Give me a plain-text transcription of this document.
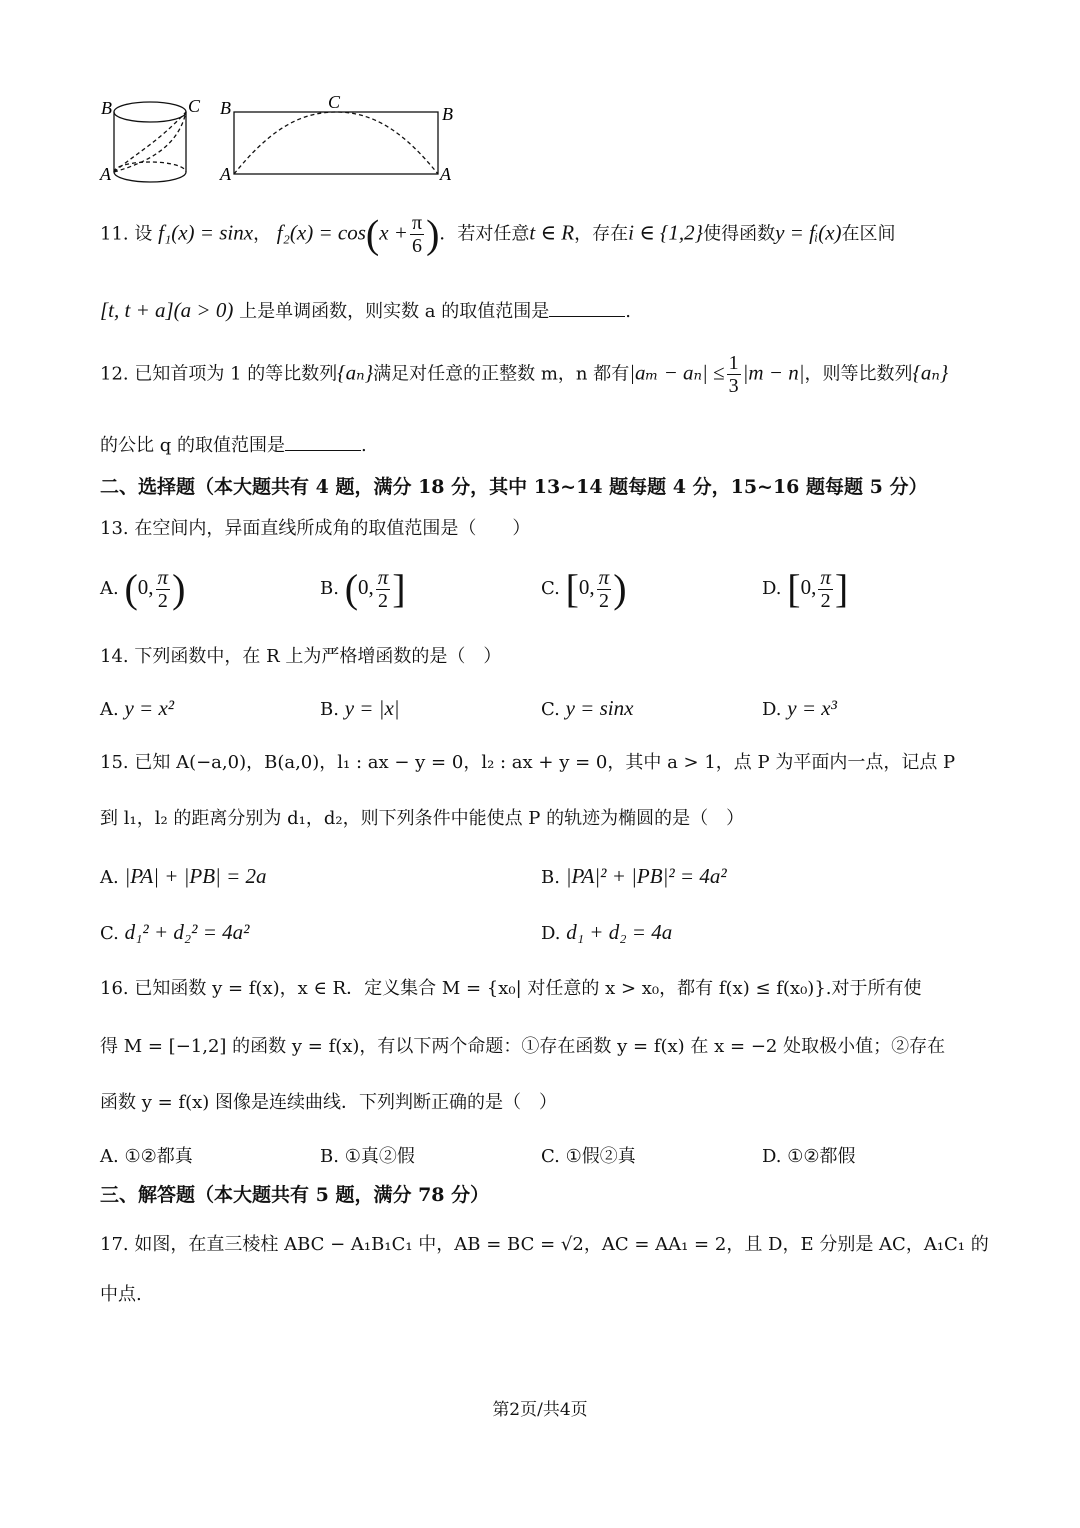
B	C
A
B	C
B
A	A
11. 设 f₁(x) = sinx， $f_2(x) = \cos(x + \frac{\pi}{6}$ )．若对任意t ∈ R，存在i ∈ {1,2}使得函数y = fᵢ(x)在区间
[t, t + a](a > 0) 上是单调函数，则实数 a 的取值范围是	.
12. 已知首项为 1 的等比数列{aₙ}满足对任意的正整数 m，n 都有$|a_m - a_n| \le \frac{1}{3} |m - n|$，则等比数列{aₙ}
的公比 q 的取值范围是	.
二、选择题（本大题共有 4 题，满分 18 分，其中 13~14 题每题 4 分，15~16 题每题 5 分）
13. 在空间内，异面直线所成角的取值范围是（　　）
A. (0, $\frac{\pi}{2}$ )	B. (0, $\frac{\pi}{2}$ ]	C. [0, $\frac{\pi}{2}$ )	D. [0, $\frac{\pi}{2}$ ]
14. 下列函数中，在 R 上为严格增函数的是（　）
A. y = x²	B. y = |x|	C. y = sinx	D. y = x³
15. 已知 A(−a,0)，B(a,0)，l₁ : ax − y = 0，l₂ : ax + y = 0，其中 a > 1，点 P 为平面内一点，记点 P
到 l₁，l₂ 的距离分别为 d₁，d₂，则下列条件中能使点 P 的轨迹为椭圆的是（　）
A. |PA| + |PB| = 2a	B. |PA|² + |PB|² = 4a²
C. d₁² + d₂² = 4a²	D. d₁ + d₂ = 4a
16. 已知函数 y = f(x)，x ∈ R．定义集合 M = {x₀| 对任意的 x > x₀，都有 f(x) ≤ f(x₀)}.对于所有使
得 M = [−1,2] 的函数 y = f(x)，有以下两个命题：①存在函数 y = f(x) 在 x = −2 处取极小值；②存在
函数 y = f(x) 图像是连续曲线．下列判断正确的是（　）
A. ①②都真	B. ①真②假	C. ①假②真	D. ①②都假
三、解答题（本大题共有 5 题，满分 78 分）
17. 如图，在直三棱柱 ABC − A₁B₁C₁ 中，AB = BC = √2，AC = AA₁ = 2，且 D，E 分别是 AC，A₁C₁ 的
中点.
第2页/共4页
